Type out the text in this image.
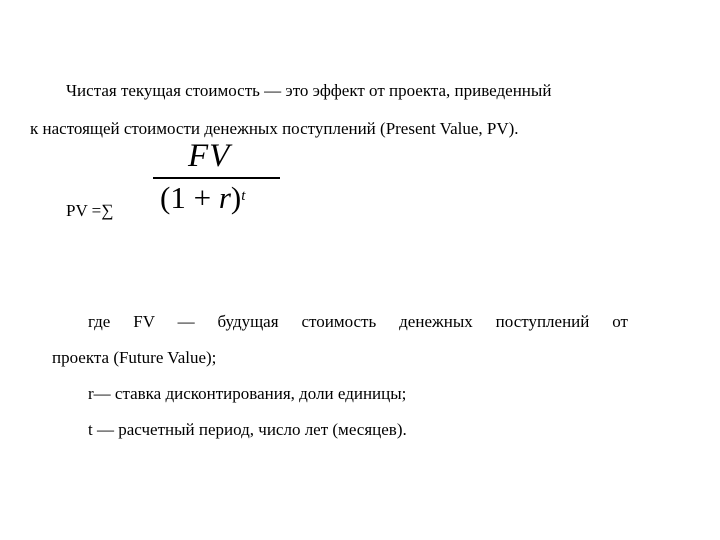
Чистая текущая стоимость — это эффект от проекта, приведенный
к настоящей стоимости денежных поступлений (Present Value, PV).
PV =∑
FV
$(1 + r)^t$
где FV — будущая стоимость денежных поступлений от
проекта (Future Value);
r— ставка дисконтирования, доли единицы;
t — расчетный период, число лет (месяцев).
